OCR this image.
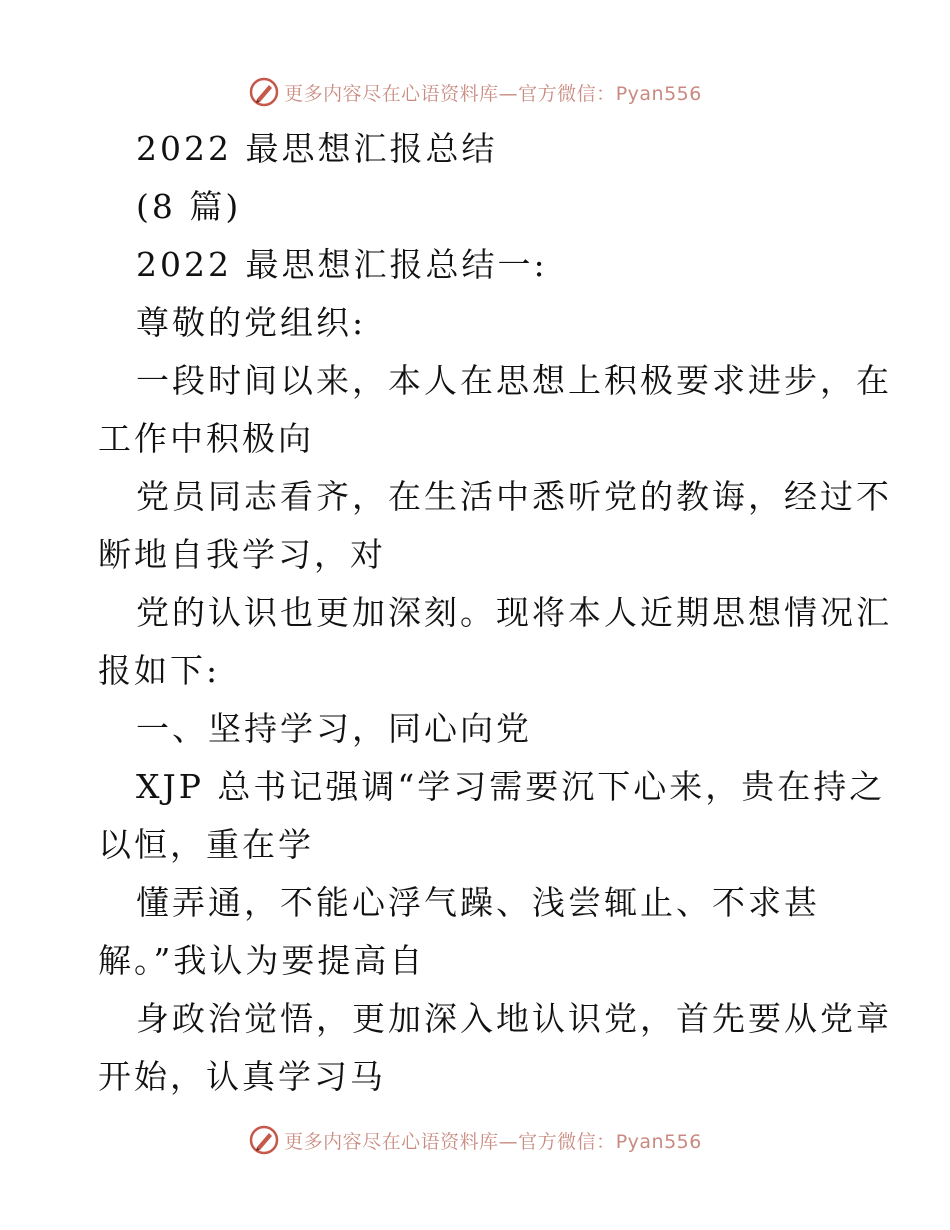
更多内容尽在心语资料库—官方微信：Pyan556
2022 最思想汇报总结
(8 篇)
2022 最思想汇报总结一:
尊敬的党组织:
一段时间以来，本人在思想上积极要求进步，在
工作中积极向
党员同志看齐，在生活中悉听党的教诲，经过不
断地自我学习，对
党的认识也更加深刻。现将本人近期思想情况汇
报如下:
一、坚持学习，同心向党
XJP 总书记强调“学习需要沉下心来，贵在持之
以恒，重在学
懂弄通，不能心浮气躁、浅尝辄止、不求甚
解。”我认为要提高自
身政治觉悟，更加深入地认识党，首先要从党章
开始，认真学习马
更多内容尽在心语资料库—官方微信：Pyan556
